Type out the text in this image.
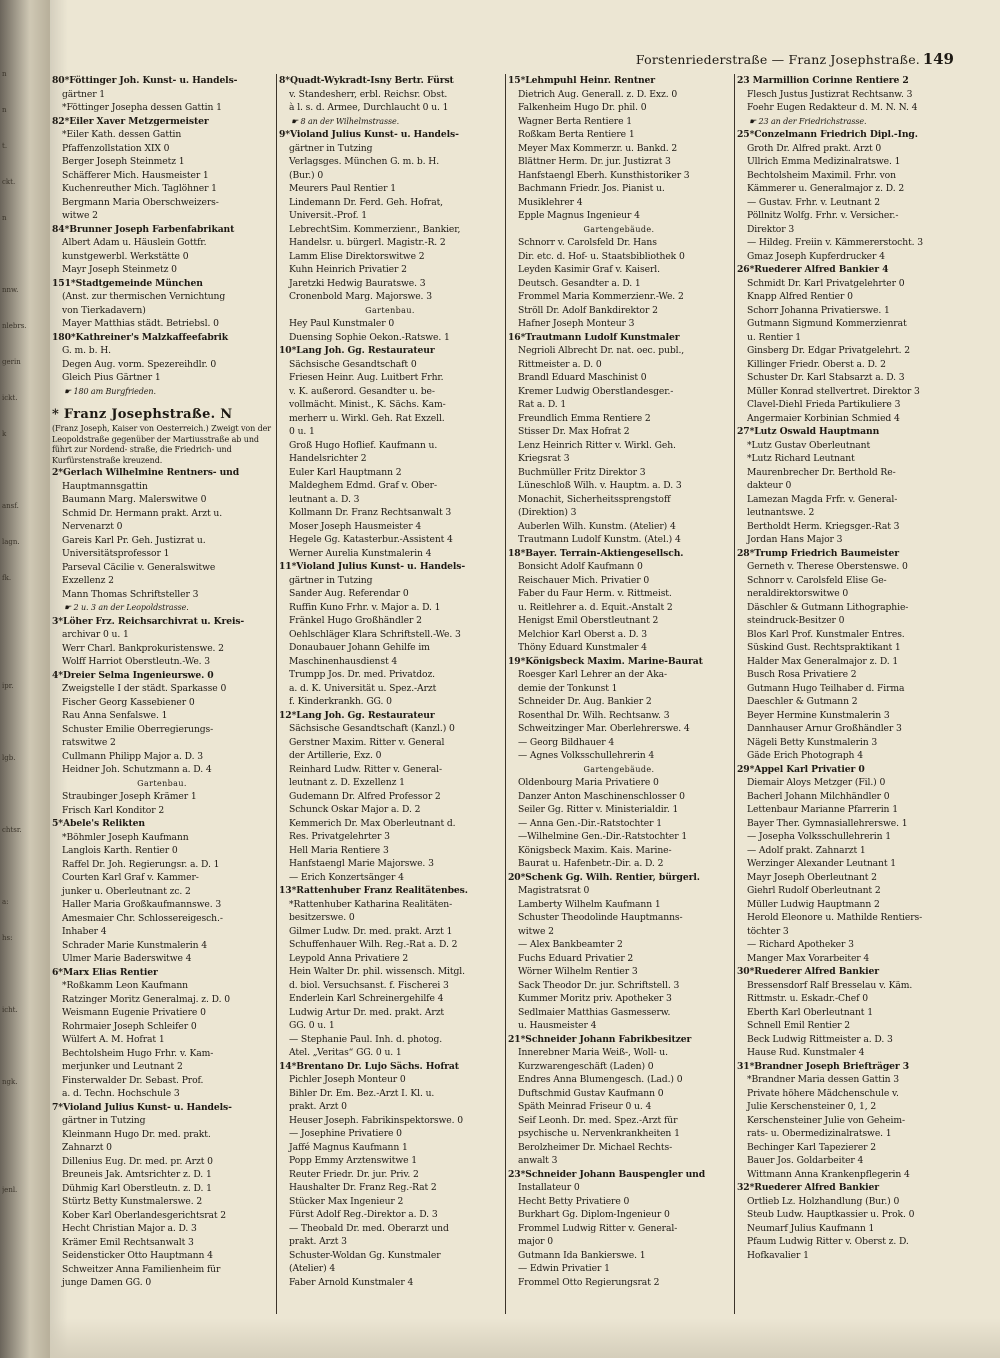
n
n
t.
ckt.
n
nnw.
nlebrs.
gerin
ickt.
k
ansf.
lagn.
fk.
ipr.
lgb.
chtsr.
a:
hs:
icht.
ngk.
jenl.
Forstenriederstraße — Franz Josephstraße. 149
80*Föttinger Joh. Kunst- u. Handels-
gärtner 1
*Föttinger Josepha dessen Gattin 1
82*Eiler Xaver Metzgermeister
*Eiler Kath. dessen Gattin
Pfaffenzollstation XIX 0
Berger Joseph Steinmetz 1
Schäfferer Mich. Hausmeister 1
Kuchenreuther Mich. Taglöhner 1
Bergmann Maria Oberschweizers-
witwe 2
84*Brunner Joseph Farbenfabrikant
Albert Adam u. Häuslein Gottfr.
kunstgewerbl. Werkstätte 0
Mayr Joseph Steinmetz 0
151*Stadtgemeinde München
(Anst. zur thermischen Vernichtung
von Tierkadavern)
Mayer Matthias städt. Betriebsl. 0
180*Kathreiner's Malzkaffeefabrik
G. m. b. H.
Degen Aug. vorm. Spezereihdlr. 0
Gleich Pius Gärtner 1
☛ 180 am Burgfrieden.
* Franz Josephstraße. N
(Franz Joseph, Kaiser von Oesterreich.) Zweigt von der Leopoldstraße gegenüber der Martiusstraße ab und führt zur Nordend- straße, die Friedrich- und Kurfürstenstraße kreuzend.
2*Gerlach Wilhelmine Rentners- und
Hauptmannsgattin
Baumann Marg. Malerswitwe 0
Schmid Dr. Hermann prakt. Arzt u.
Nervenarzt 0
Gareis Karl Pr. Geh. Justizrat u.
Universitätsprofessor 1
Parseval Cäcilie v. Generalswitwe
Exzellenz 2
Mann Thomas Schriftsteller 3
☛ 2 u. 3 an der Leopoldstrasse.
3*Löher Frz. Reichsarchivrat u. Kreis-
archivar 0 u. 1
Werr Charl. Bankprokuristenswe. 2
Wolff Harriot Oberstleutn.-We. 3
4*Dreier Selma Ingenieurswe. 0
Zweigstelle I der städt. Sparkasse 0
Fischer Georg Kassebiener 0
Rau Anna Senfalswe. 1
Schuster Emilie Oberregierungs-
ratswitwe 2
Cullmann Philipp Major a. D. 3
Heidner Joh. Schutzmann a. D. 4
Gartenbau.
Straubinger Joseph Krämer 1
Frisch Karl Konditor 2
5*Abele's Relikten
*Böhmler Joseph Kaufmann
Langlois Karth. Rentier 0
Raffel Dr. Joh. Regierungsr. a. D. 1
Courten Karl Graf v. Kammer-
junker u. Oberleutnant zc. 2
Haller Maria Großkaufmannswe. 3
Amesmaier Chr. Schlossereigesch.-
Inhaber 4
Schrader Marie Kunstmalerin 4
Ulmer Marie Baderswitwe 4
6*Marx Elias Rentier
*Roßkamm Leon Kaufmann
Ratzinger Moritz Generalmaj. z. D. 0
Weismann Eugenie Privatiere 0
Rohrmaier Joseph Schleifer 0
Wülfert A. M. Hofrat 1
Bechtolsheim Hugo Frhr. v. Kam-
merjunker und Leutnant 2
Finsterwalder Dr. Sebast. Prof.
a. d. Techn. Hochschule 3
7*Violand Julius Kunst- u. Handels-
gärtner in Tutzing
Kleinmann Hugo Dr. med. prakt.
Zahnarzt 0
Dillenius Eug. Dr. med. pr. Arzt 0
Breuneis Jak. Amtsrichter z. D. 1
Dühmig Karl Oberstleutn. z. D. 1
Stürtz Betty Kunstmalerswe. 2
Kober Karl Oberlandesgerichtsrat 2
Hecht Christian Major a. D. 3
Krämer Emil Rechtsanwalt 3
Seidensticker Otto Hauptmann 4
Schweitzer Anna Familienheim für
junge Damen GG. 0
8*Quadt-Wykradt-Isny Bertr. Fürst
v. Standesherr, erbl. Reichsr. Obst.
à l. s. d. Armee, Durchlaucht 0 u. 1
☛ 8 an der Wilhelmstrasse.
9*Violand Julius Kunst- u. Handels-
gärtner in Tutzing
Verlagsges. München G. m. b. H.
(Bur.) 0
Meurers Paul Rentier 1
Lindemann Dr. Ferd. Geh. Hofrat,
Universit.-Prof. 1
LebrechtSim. Kommerzienr., Bankier,
Handelsr. u. bürgerl. Magistr.-R. 2
Lamm Elise Direktorswitwe 2
Kuhn Heinrich Privatier 2
Jaretzki Hedwig Bauratswe. 3
Cronenbold Marg. Majorswe. 3
Gartenbau.
Hey Paul Kunstmaler 0
Duensing Sophie Oekon.-Ratswe. 1
10*Lang Joh. Gg. Restaurateur
Sächsische Gesandtschaft 0
Friesen Heinr. Aug. Luitbert Frhr.
v. K. außerord. Gesandter u. be-
vollmächt. Minist., K. Sächs. Kam-
merherr u. Wirkl. Geh. Rat Exzell.
0 u. 1
Groß Hugo Hoflief. Kaufmann u.
Handelsrichter 2
Euler Karl Hauptmann 2
Maldeghem Edmd. Graf v. Ober-
leutnant a. D. 3
Kollmann Dr. Franz Rechtsanwalt 3
Moser Joseph Hausmeister 4
Hegele Gg. Katasterbur.-Assistent 4
Werner Aurelia Kunstmalerin 4
11*Violand Julius Kunst- u. Handels-
gärtner in Tutzing
Sander Aug. Referendar 0
Ruffin Kuno Frhr. v. Major a. D. 1
Fränkel Hugo Großhändler 2
Oehlschläger Klara Schriftstell.-We. 3
Donaubauer Johann Gehilfe im
Maschinenhausdienst 4
Trumpp Jos. Dr. med. Privatdoz.
a. d. K. Universität u. Spez.-Arzt
f. Kinderkrankh. GG. 0
12*Lang Joh. Gg. Restaurateur
Sächsische Gesandtschaft (Kanzl.) 0
Gerstner Maxim. Ritter v. General
der Artillerie, Exz. 0
Reinhard Ludw. Ritter v. General-
leutnant z. D. Exzellenz 1
Gudemann Dr. Alfred Professor 2
Schunck Oskar Major a. D. 2
Kemmerich Dr. Max Oberleutnant d.
Res. Privatgelehrter 3
Hell Maria Rentiere 3
Hanfstaengl Marie Majorswe. 3
— Erich Konzertsänger 4
13*Rattenhuber Franz Realitätenbes.
*Rattenhuber Katharina Realitäten-
besitzerswe. 0
Gilmer Ludw. Dr. med. prakt. Arzt 1
Schuffenhauer Wilh. Reg.-Rat a. D. 2
Leypold Anna Privatiere 2
Hein Walter Dr. phil. wissensch. Mitgl.
d. biol. Versuchsanst. f. Fischerei 3
Enderlein Karl Schreinergehilfe 4
Ludwig Artur Dr. med. prakt. Arzt
GG. 0 u. 1
— Stephanie Paul. Inh. d. photog.
Atel. „Veritas“ GG. 0 u. 1
14*Brentano Dr. Lujo Sächs. Hofrat
Pichler Joseph Monteur 0
Bihler Dr. Em. Bez.-Arzt I. Kl. u.
prakt. Arzt 0
Heuser Joseph. Fabrikinspektorswe. 0
— Josephine Privatiere 0
Jaffé Magnus Kaufmann 1
Popp Emmy Arztenswitwe 1
Reuter Friedr. Dr. jur. Priv. 2
Haushalter Dr. Franz Reg.-Rat 2
Stücker Max Ingenieur 2
Fürst Adolf Reg.-Direktor a. D. 3
— Theobald Dr. med. Oberarzt und
prakt. Arzt 3
Schuster-Woldan Gg. Kunstmaler
(Atelier) 4
Faber Arnold Kunstmaler 4
15*Lehmpuhl Heinr. Rentner
Dietrich Aug. Generall. z. D. Exz. 0
Falkenheim Hugo Dr. phil. 0
Wagner Berta Rentiere 1
Roßkam Berta Rentiere 1
Meyer Max Kommerzr. u. Bankd. 2
Blättner Herm. Dr. jur. Justizrat 3
Hanfstaengl Eberh. Kunsthistoriker 3
Bachmann Friedr. Jos. Pianist u.
Musiklehrer 4
Epple Magnus Ingenieur 4
Gartengebäude.
Schnorr v. Carolsfeld Dr. Hans
Dir. etc. d. Hof- u. Staatsbibliothek 0
Leyden Kasimir Graf v. Kaiserl.
Deutsch. Gesandter a. D. 1
Frommel Maria Kommerzienr.-We. 2
Ströll Dr. Adolf Bankdirektor 2
Hafner Joseph Monteur 3
16*Trautmann Ludolf Kunstmaler
Negrioli Albrecht Dr. nat. oec. publ.,
Rittmeister a. D. 0
Brandl Eduard Maschinist 0
Kremer Ludwig Oberstlandesger.-
Rat a. D. 1
Freundlich Emma Rentiere 2
Stisser Dr. Max Hofrat 2
Lenz Heinrich Ritter v. Wirkl. Geh.
Kriegsrat 3
Buchmüller Fritz Direktor 3
Lüneschloß Wilh. v. Hauptm. a. D. 3
Monachit, Sicherheitssprengstoff
(Direktion) 3
Auberlen Wilh. Kunstm. (Atelier) 4
Trautmann Ludolf Kunstm. (Atel.) 4
18*Bayer. Terrain-Aktiengesellsch.
Bonsicht Adolf Kaufmann 0
Reischauer Mich. Privatier 0
Faber du Faur Herm. v. Rittmeist.
u. Reitlehrer a. d. Equit.-Anstalt 2
Henigst Emil Oberstleutnant 2
Melchior Karl Oberst a. D. 3
Thöny Eduard Kunstmaler 4
19*Königsbeck Maxim. Marine-Baurat
Roesger Karl Lehrer an der Aka-
demie der Tonkunst 1
Schneider Dr. Aug. Bankier 2
Rosenthal Dr. Wilh. Rechtsanw. 3
Schweitzinger Mar. Oberlehrerswe. 4
— Georg Bildhauer 4
— Agnes Volksschullehrerin 4
Gartengebäude.
Oldenbourg Maria Privatiere 0
Danzer Anton Maschinenschlosser 0
Seiler Gg. Ritter v. Ministerialdir. 1
— Anna Gen.-Dir.-Ratstochter 1
—Wilhelmine Gen.-Dir.-Ratstochter 1
Königsbeck Maxim. Kais. Marine-
Baurat u. Hafenbetr.-Dir. a. D. 2
20*Schenk Gg. Wilh. Rentier, bürgerl.
Magistratsrat 0
Lamberty Wilhelm Kaufmann 1
Schuster Theodolinde Hauptmanns-
witwe 2
— Alex Bankbeamter 2
Fuchs Eduard Privatier 2
Wörner Wilhelm Rentier 3
Sack Theodor Dr. jur. Schriftstell. 3
Kummer Moritz priv. Apotheker 3
Sedlmaier Matthias Gasmesserw.
u. Hausmeister 4
21*Schneider Johann Fabrikbesitzer
Innerebner Maria Weiß-, Woll- u.
Kurzwarengeschäft (Laden) 0
Endres Anna Blumengesch. (Lad.) 0
Duftschmid Gustav Kaufmann 0
Späth Meinrad Friseur 0 u. 4
Seif Leonh. Dr. med. Spez.-Arzt für
psychische u. Nervenkrankheiten 1
Berolzheimer Dr. Michael Rechts-
anwalt 3
23*Schneider Johann Bauspengler und
Installateur 0
Hecht Betty Privatiere 0
Burkhart Gg. Diplom-Ingenieur 0
Frommel Ludwig Ritter v. General-
major 0
Gutmann Ida Bankierswe. 1
— Edwin Privatier 1
Frommel Otto Regierungsrat 2
23 Marmillion Corinne Rentiere 2
Flesch Justus Justizrat Rechtsanw. 3
Foehr Eugen Redakteur d. M. N. N. 4
☛ 23 an der Friedrichstrasse.
25*Conzelmann Friedrich Dipl.-Ing.
Groth Dr. Alfred prakt. Arzt 0
Ullrich Emma Medizinalratswe. 1
Bechtolsheim Maximil. Frhr. von
Kämmerer u. Generalmajor z. D. 2
— Gustav. Frhr. v. Leutnant 2
Pöllnitz Wolfg. Frhr. v. Versicher.-
Direktor 3
— Hildeg. Freiin v. Kämmererstocht. 3
Gmaz Joseph Kupferdrucker 4
26*Ruederer Alfred Bankier 4
Schmidt Dr. Karl Privatgelehrter 0
Knapp Alfred Rentier 0
Schorr Johanna Privatierswe. 1
Gutmann Sigmund Kommerzienrat
u. Rentier 1
Ginsberg Dr. Edgar Privatgelehrt. 2
Killinger Friedr. Oberst a. D. 2
Schuster Dr. Karl Stabsarzt a. D. 3
Müller Konrad stellvertret. Direktor 3
Clavel-Diehl Frieda Partikuliere 3
Angermaier Korbinian Schmied 4
27*Lutz Oswald Hauptmann
*Lutz Gustav Oberleutnant
*Lutz Richard Leutnant
Maurenbrecher Dr. Berthold Re-
dakteur 0
Lamezan Magda Frfr. v. General-
leutnantswe. 2
Bertholdt Herm. Kriegsger.-Rat 3
Jordan Hans Major 3
28*Trump Friedrich Baumeister
Gerneth v. Therese Oberstenswe. 0
Schnorr v. Carolsfeld Elise Ge-
neraldirektorswitwe 0
Däschler & Gutmann Lithographie-
steindruck-Besitzer 0
Blos Karl Prof. Kunstmaler Entres.
Süskind Gust. Rechtspraktikant 1
Halder Max Generalmajor z. D. 1
Busch Rosa Privatiere 2
Gutmann Hugo Teilhaber d. Firma
Daeschler & Gutmann 2
Beyer Hermine Kunstmalerin 3
Dannhauser Arnur Großhändler 3
Nägeli Betty Kunstmalerin 3
Gäde Erich Photograph 4
29*Appel Karl Privatier 0
Diemair Aloys Metzger (Fil.) 0
Bacherl Johann Milchhändler 0
Lettenbaur Marianne Pfarrerin 1
Bayer Ther. Gymnasiallehrerswe. 1
— Josepha Volksschullehrerin 1
— Adolf prakt. Zahnarzt 1
Werzinger Alexander Leutnant 1
Mayr Joseph Oberleutnant 2
Giehrl Rudolf Oberleutnant 2
Müller Ludwig Hauptmann 2
Herold Eleonore u. Mathilde Rentiers-
töchter 3
— Richard Apotheker 3
Manger Max Vorarbeiter 4
30*Ruederer Alfred Bankier
Bressensdorf Ralf Bresselau v. Käm.
Rittmstr. u. Eskadr.-Chef 0
Eberth Karl Oberleutnant 1
Schnell Emil Rentier 2
Beck Ludwig Rittmeister a. D. 3
Hause Rud. Kunstmaler 4
31*Brandner Joseph Briefträger 3
*Brandner Maria dessen Gattin 3
Private höhere Mädchenschule v.
Julie Kerschensteiner 0, 1, 2
Kerschensteiner Julie von Geheim-
rats- u. Obermedizinalratswe. 1
Bechinger Karl Tapezierer 2
Bauer Jos. Goldarbeiter 4
Wittmann Anna Krankenpflegerin 4
32*Ruederer Alfred Bankier
Ortlieb Lz. Holzhandlung (Bur.) 0
Steub Ludw. Hauptkassier u. Prok. 0
Neumarf Julius Kaufmann 1
Pfaum Ludwig Ritter v. Oberst z. D.
Hofkavalier 1
